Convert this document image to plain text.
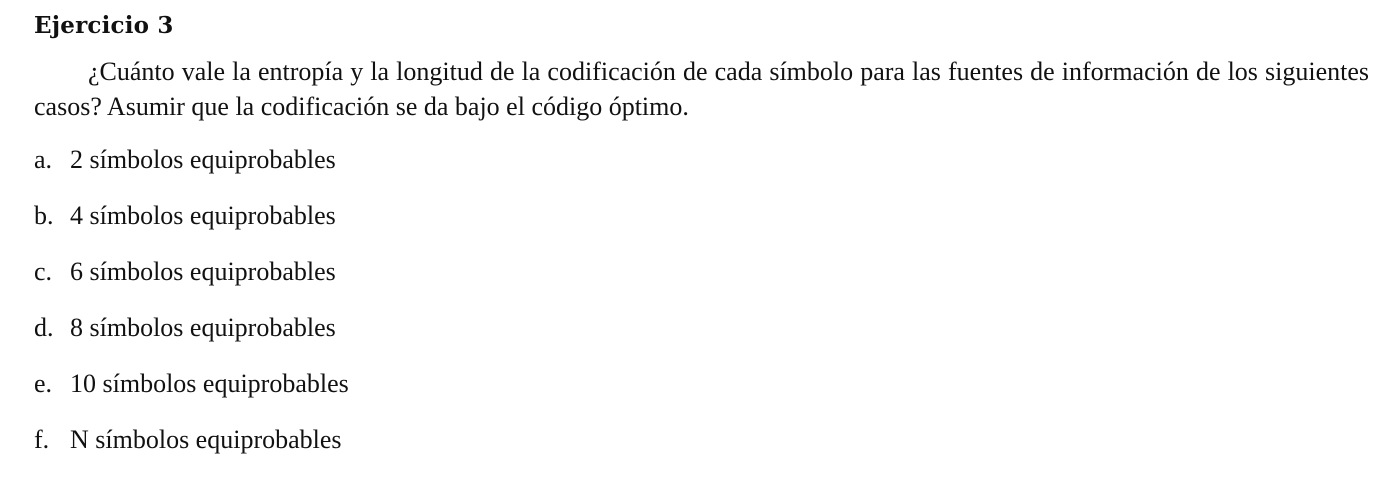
Ejercicio 3

¿Cuánto vale la entropía y la longitud de la codificación de cada símbolo para las fuentes de información de los siguientes casos? Asumir que la codificación se da bajo el código óptimo.

a. 2 símbolos equiprobables
b. 4 símbolos equiprobables
c. 6 símbolos equiprobables
d. 8 símbolos equiprobables
e. 10 símbolos equiprobables
f. N símbolos equiprobables
